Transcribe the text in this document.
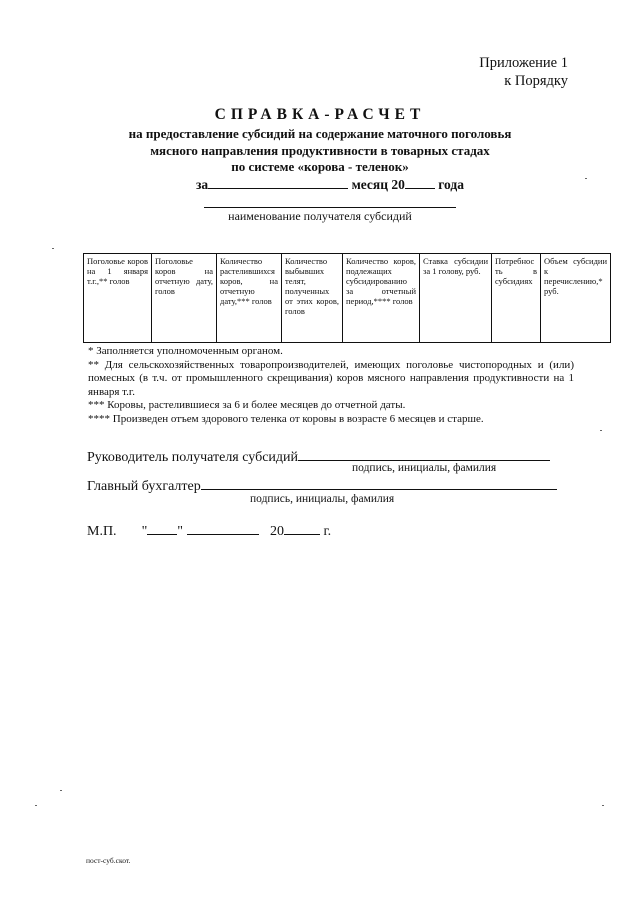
Приложение 1
к Порядку
СПРАВКА-РАСЧЕТ
на предоставление субсидий на содержание маточного поголовья
мясного направления продуктивности в товарных стадах
по системе «корова - теленок»
за	месяц 20 года
наименование получателя субсидий
Поголовье коров на 1 января т.г.,** голов	Поголовье коров на отчетную дату, голов	Количество растелившихся коров, на отчетную дату,*** голов	Количество выбывших телят, полученных от этих коров, голов	Количество коров, подлежащих субсидированию за отчетный период,**** голов	Ставка субсидии за 1 голову, руб.	Потребность в субсидиях	Объем субсидии к перечислению,* руб.

* Заполняется уполномоченным органом.

** Для сельскохозяйственных товаропроизводителей, имеющих поголовье чистопородных и (или) помесных (в т.ч. от промышленного скрещивания) коров мясного направления продуктивности на 1 января т.г.

*** Коровы, растелившиеся за 6 и более месяцев до отчетной даты.

**** Произведен отъем здорового теленка от коровы в возрасте 6 месяцев и старше.

Руководитель получателя субсидий
подпись, инициалы, фамилия
Главный бухгалтер
подпись, инициалы, фамилия
М.П. " "	20	г.
пост-суб.скот.
